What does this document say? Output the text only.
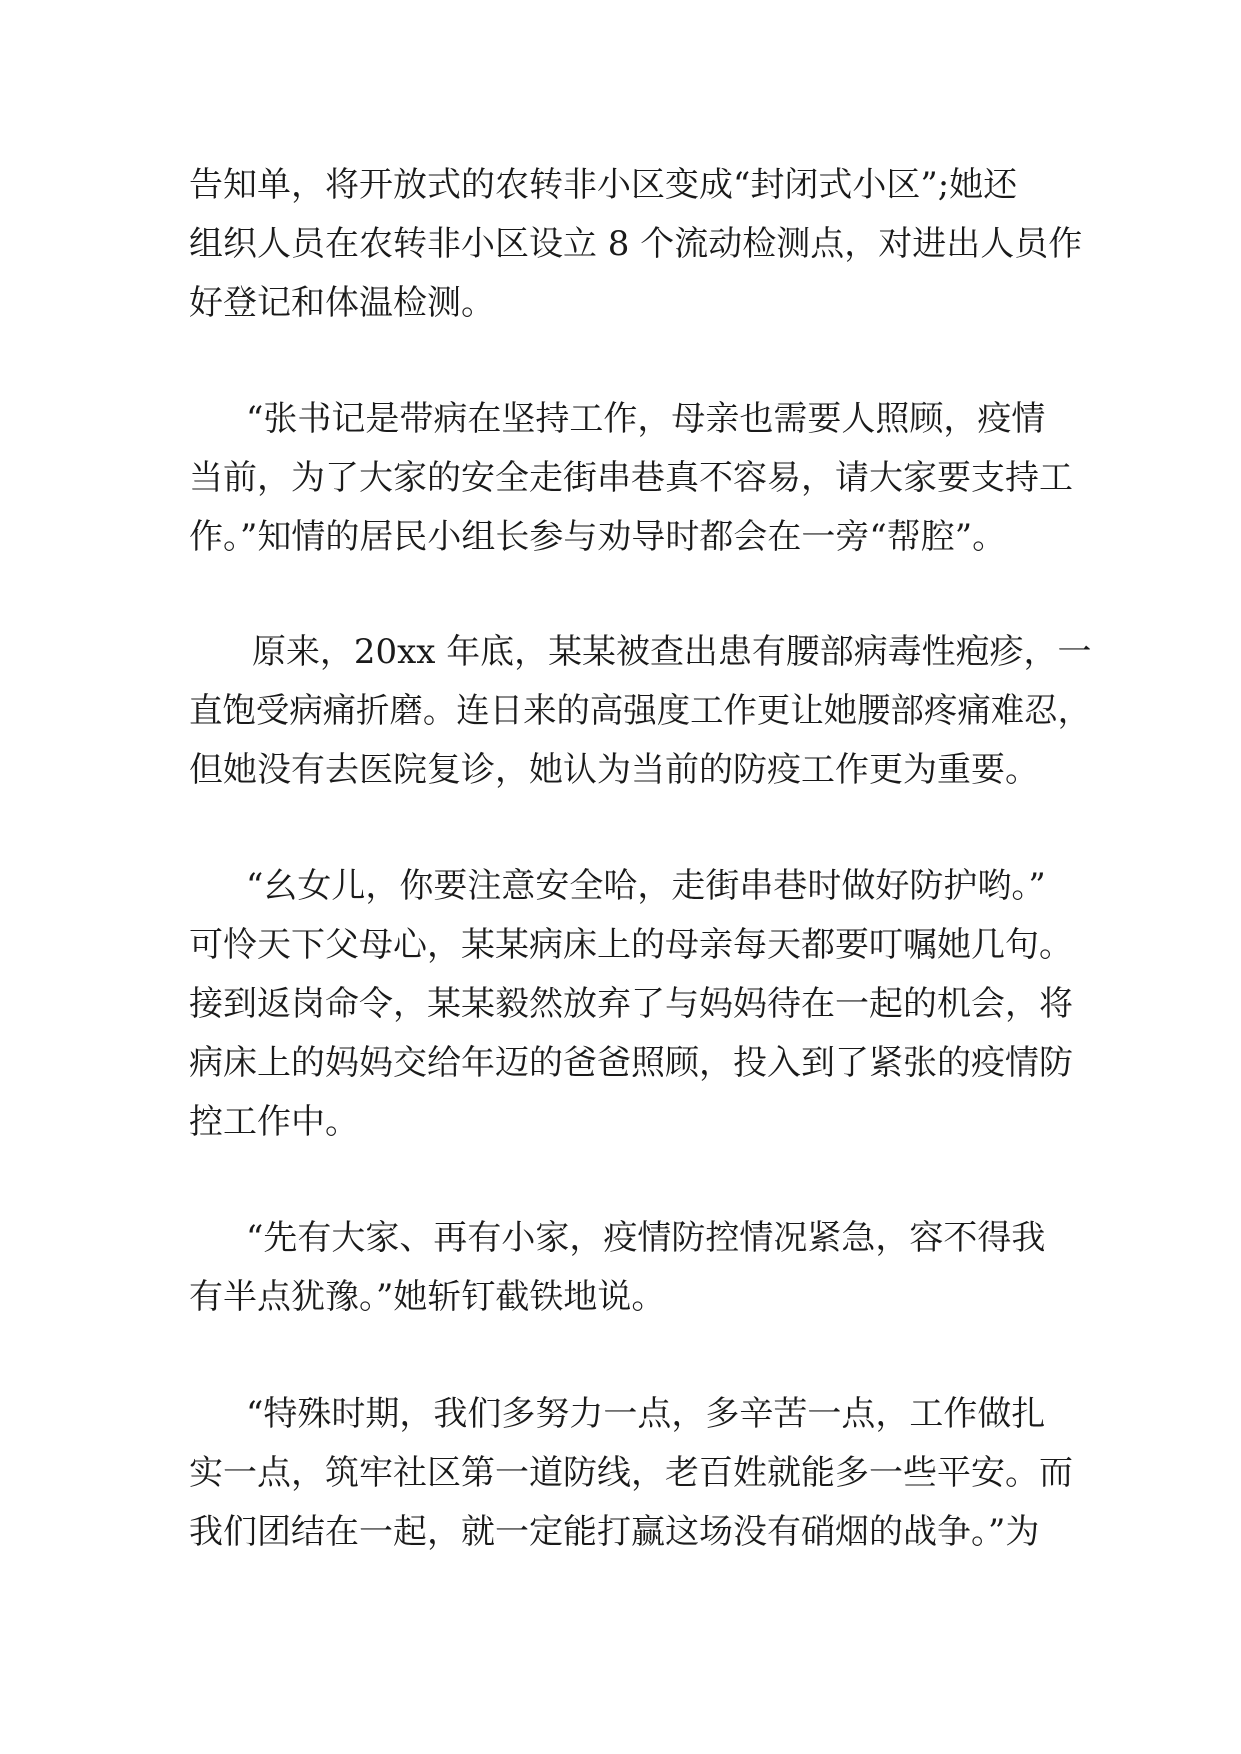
告知单，将开放式的农转非小区变成“封闭式小区”;她还
组织人员在农转非小区设立 8 个流动检测点，对进出人员作
好登记和体温检测。
“张书记是带病在坚持工作，母亲也需要人照顾，疫情
当前，为了大家的安全走街串巷真不容易，请大家要支持工
作。”知情的居民小组长参与劝导时都会在一旁“帮腔”。
原来，20xx 年底，某某被查出患有腰部病毒性疱疹，一
直饱受病痛折磨。连日来的高强度工作更让她腰部疼痛难忍，
但她没有去医院复诊，她认为当前的防疫工作更为重要。
“幺女儿，你要注意安全哈，走街串巷时做好防护哟。”
可怜天下父母心，某某病床上的母亲每天都要叮嘱她几句。
接到返岗命令，某某毅然放弃了与妈妈待在一起的机会，将
病床上的妈妈交给年迈的爸爸照顾，投入到了紧张的疫情防
控工作中。
“先有大家、再有小家，疫情防控情况紧急，容不得我
有半点犹豫。”她斩钉截铁地说。
“特殊时期，我们多努力一点，多辛苦一点，工作做扎
实一点，筑牢社区第一道防线，老百姓就能多一些平安。而
我们团结在一起，就一定能打赢这场没有硝烟的战争。”为
